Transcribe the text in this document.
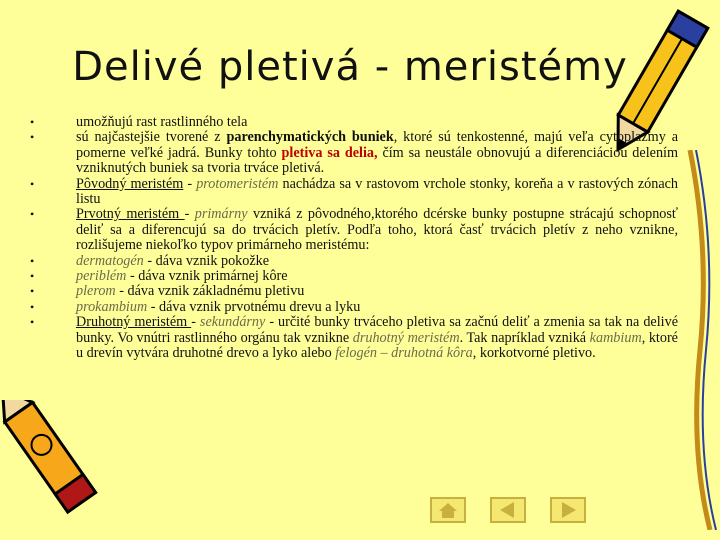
Delivé pletivá - meristémy
•	umožňujú rast rastlinného tela
•	sú najčastejšie tvorené z parenchymatických buniek, ktoré sú tenkostenné, majú veľa cytoplazmy a pomerne veľké jadrá. Bunky tohto pletiva sa delia, čím sa neustále obnovujú a diferenciáciou delením vzniknutých buniek sa tvoria trváce pletivá.
•	Pôvodný meristém - protomeristém nachádza sa v rastovom vrchole stonky, koreňa a v rastových zónach listu
•	Prvotný meristém - primárny vzniká z pôvodného,ktorého dcérske bunky postupne strácajú schopnosť deliť sa a diferencujú sa do trvácich pletív. Podľa toho, ktorá časť trvácich pletív z neho vznikne, rozlišujeme niekoľko typov primárneho meristému:
•	dermatogén - dáva vznik pokožke
•	periblém - dáva vznik primárnej kôre
•	plerom - dáva vznik základnému pletivu
•	prokambium - dáva vznik prvotnému drevu a lyku
•	Druhotný meristém - sekundárny - určité bunky trváceho pletiva sa začnú deliť a zmenia sa tak na delivé bunky. Vo vnútri rastlinného orgánu tak vznikne druhotný meristém. Tak napríklad vzniká kambium, ktoré u drevín vytvára druhotné drevo a lyko alebo felogén – druhotná kôra, korkotvorné pletivo.
